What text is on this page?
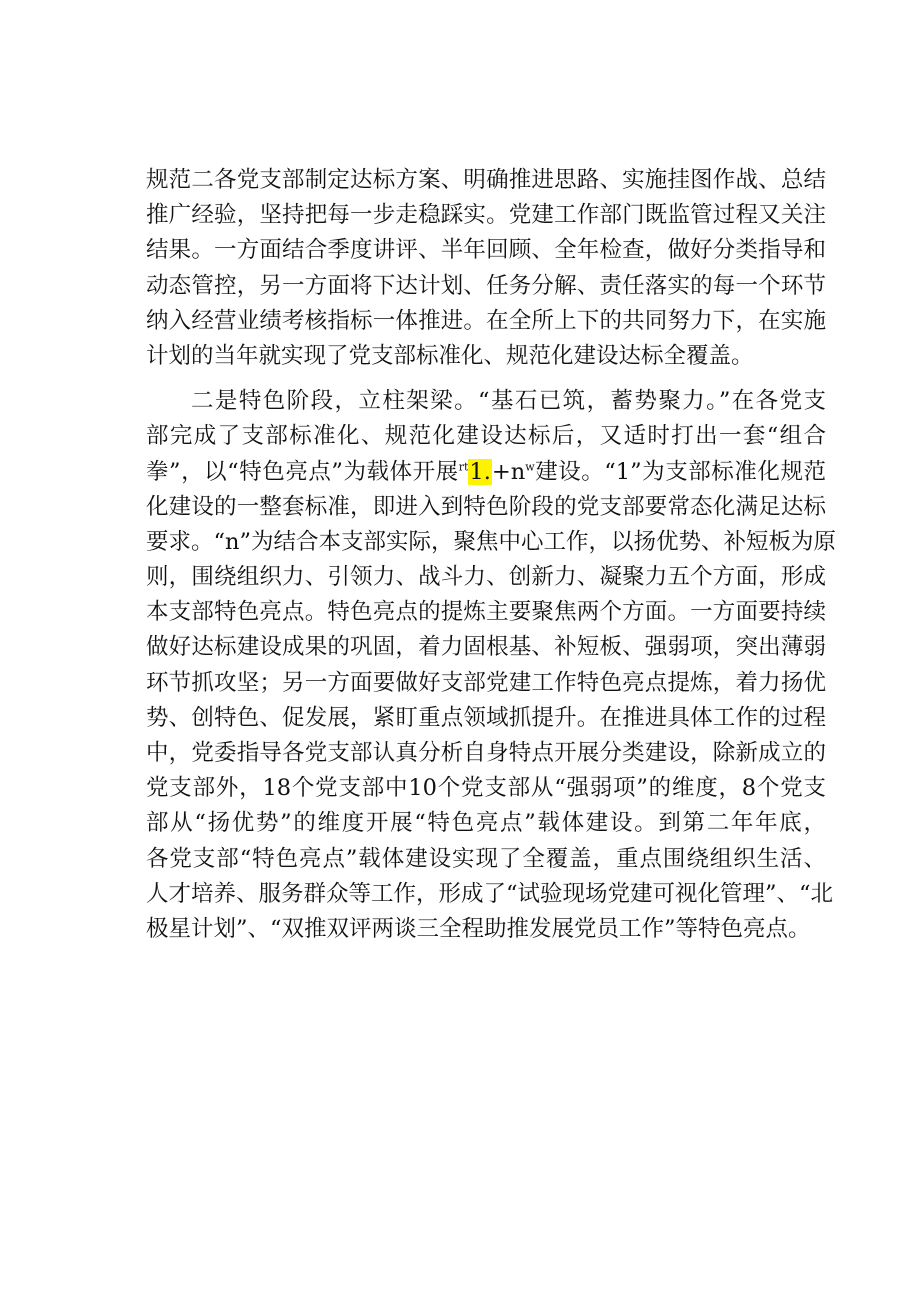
规范二各党支部制定达标方案、明确推进思路、实施挂图作战、总结
推广经验，坚持把每一步走稳踩实。党建工作部门既监管过程又关注
结果。一方面结合季度讲评、半年回顾、全年检查，做好分类指导和
动态管控，另一方面将下达计划、任务分解、责任落实的每一个环节
纳入经营业绩考核指标一体推进。在全所上下的共同努力下，在实施
计划的当年就实现了党支部标准化、规范化建设达标全覆盖。
二是特色阶段，立柱架梁。“基石已筑，蓄势聚力。”在各党支
部完成了支部标准化、规范化建设达标后，又适时打出一套“组合
拳”，以“特色亮点”为载体开展$^{rt}1.+n^w$建设。“1”为支部标准化规范
化建设的一整套标准，即进入到特色阶段的党支部要常态化满足达标
要求。“n”为结合本支部实际，聚焦中心工作，以扬优势、补短板为原
则，围绕组织力、引领力、战斗力、创新力、凝聚力五个方面，形成
本支部特色亮点。特色亮点的提炼主要聚焦两个方面。一方面要持续
做好达标建设成果的巩固，着力固根基、补短板、强弱项，突出薄弱
环节抓攻坚；另一方面要做好支部党建工作特色亮点提炼，着力扬优
势、创特色、促发展，紧盯重点领域抓提升。在推进具体工作的过程
中，党委指导各党支部认真分析自身特点开展分类建设，除新成立的
党支部外，18个党支部中10个党支部从“强弱项”的维度，8个党支
部从“扬优势”的维度开展“特色亮点”载体建设。到第二年年底，
各党支部“特色亮点”载体建设实现了全覆盖，重点围绕组织生活、
人才培养、服务群众等工作，形成了“试验现场党建可视化管理”、“北
极星计划”、“双推双评两谈三全程助推发展党员工作”等特色亮点。
